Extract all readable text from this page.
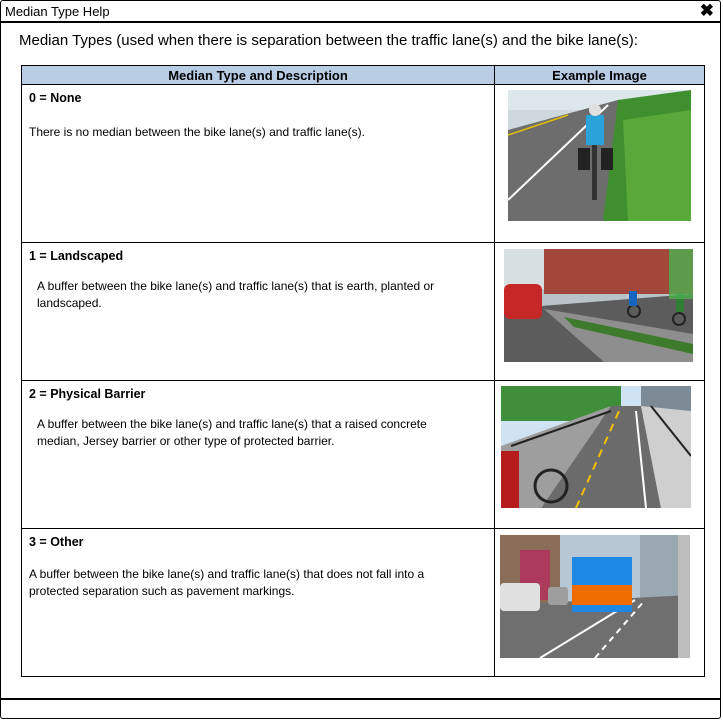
Median Type Help	✖
Median Types (used when there is separation between the traffic lane(s) and the bike lane(s):
Median Type and Description	Example Image

0 = None
There is no median between the bike lane(s) and traffic lane(s).

1 = Landscaped
A buffer between the bike lane(s) and traffic lane(s) that is earth, planted or landscaped.

2 = Physical Barrier
A buffer between the bike lane(s) and traffic lane(s) that a raised concrete median, Jersey barrier or other type of protected barrier.

3 = Other
A buffer between the bike lane(s) and traffic lane(s) that does not fall into a protected separation such as pavement markings.
